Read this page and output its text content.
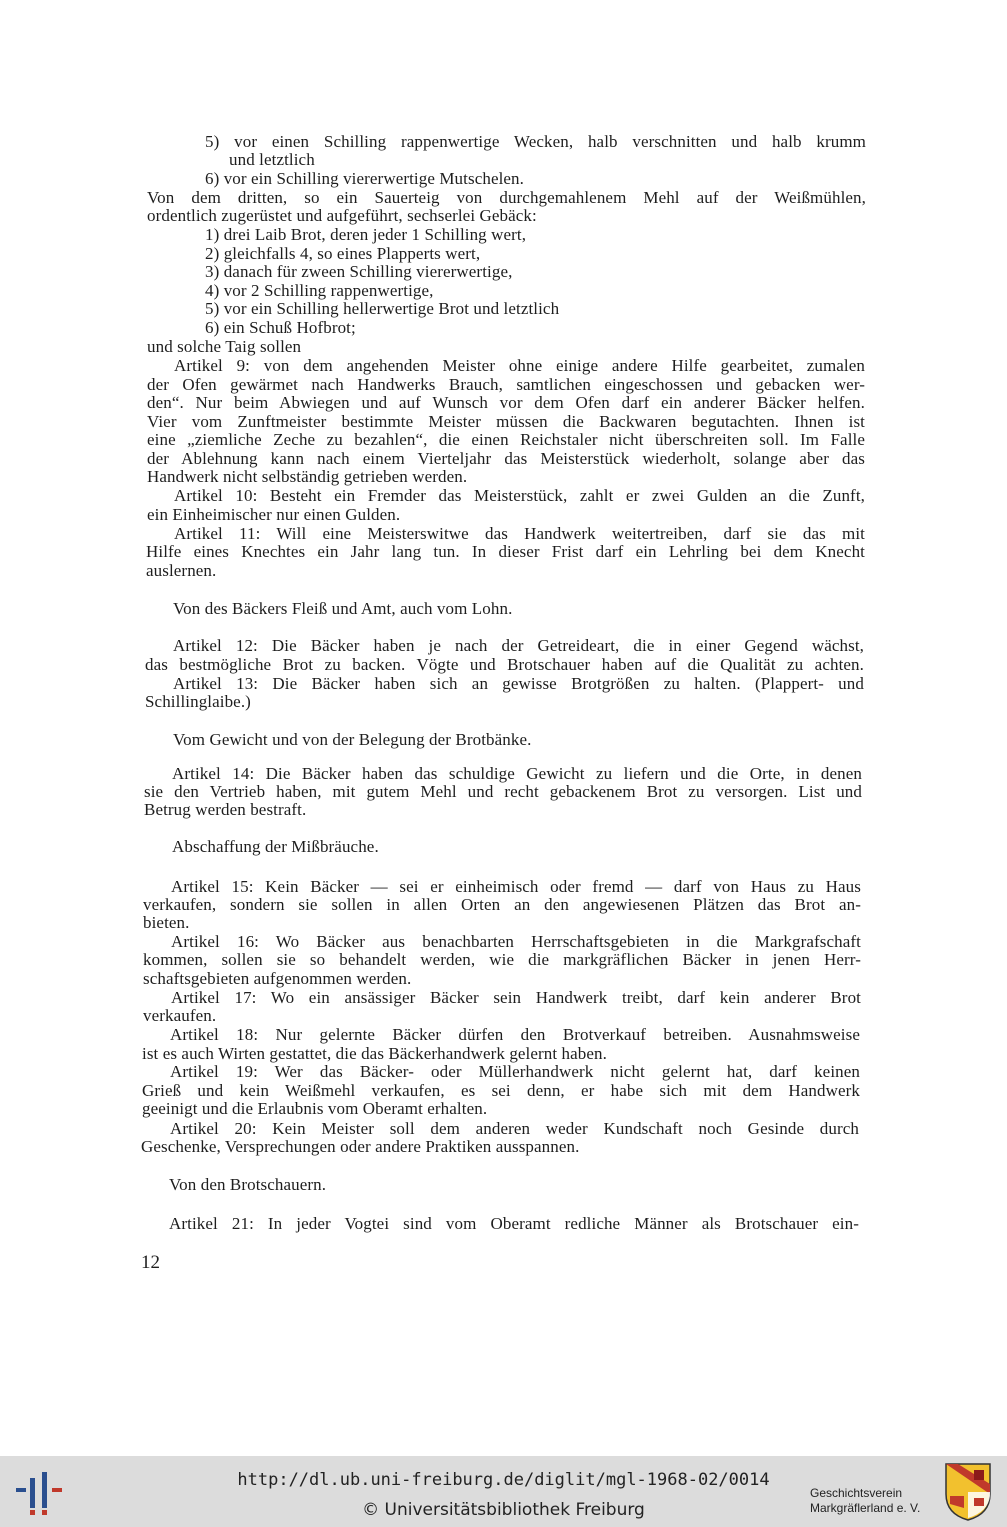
5) vor einen Schilling rappenwertige Wecken, halb verschnitten und halb krumm
und letztlich
6) vor ein Schilling viererwertige Mutschelen.
Von dem dritten, so ein Sauerteig von durchgemahlenem Mehl auf der Weißmühlen,
ordentlich zugerüstet und aufgeführt, sechserlei Gebäck:
1) drei Laib Brot, deren jeder 1 Schilling wert,
2) gleichfalls 4, so eines Plapperts wert,
3) danach für zween Schilling viererwertige,
4) vor 2 Schilling rappenwertige,
5) vor ein Schilling hellerwertige Brot und letztlich
6) ein Schuß Hofbrot;
und solche Taig sollen
Artikel 9: von dem angehenden Meister ohne einige andere Hilfe gearbeitet, zumalen
der Ofen gewärmet nach Handwerks Brauch, samtlichen eingeschossen und gebacken wer-
den“. Nur beim Abwiegen und auf Wunsch vor dem Ofen darf ein anderer Bäcker helfen.
Vier vom Zunftmeister bestimmte Meister müssen die Backwaren begutachten. Ihnen ist
eine „ziemliche Zeche zu bezahlen“, die einen Reichstaler nicht überschreiten soll. Im Falle
der Ablehnung kann nach einem Vierteljahr das Meisterstück wiederholt, solange aber das
Handwerk nicht selbständig getrieben werden.
Artikel 10: Besteht ein Fremder das Meisterstück, zahlt er zwei Gulden an die Zunft,
ein Einheimischer nur einen Gulden.
Artikel 11: Will eine Meisterswitwe das Handwerk weitertreiben, darf sie das mit
Hilfe eines Knechtes ein Jahr lang tun. In dieser Frist darf ein Lehrling bei dem Knecht
auslernen.
Von des Bäckers Fleiß und Amt, auch vom Lohn.
Artikel 12: Die Bäcker haben je nach der Getreideart, die in einer Gegend wächst,
das bestmögliche Brot zu backen. Vögte und Brotschauer haben auf die Qualität zu achten.
Artikel 13: Die Bäcker haben sich an gewisse Brotgrößen zu halten. (Plappert- und
Schillinglaibe.)
Vom Gewicht und von der Belegung der Brotbänke.
Artikel 14: Die Bäcker haben das schuldige Gewicht zu liefern und die Orte, in denen
sie den Vertrieb haben, mit gutem Mehl und recht gebackenem Brot zu versorgen. List und
Betrug werden bestraft.
Abschaffung der Mißbräuche.
Artikel 15: Kein Bäcker — sei er einheimisch oder fremd — darf von Haus zu Haus
verkaufen, sondern sie sollen in allen Orten an den angewiesenen Plätzen das Brot an-
bieten.
Artikel 16: Wo Bäcker aus benachbarten Herrschaftsgebieten in die Markgrafschaft
kommen, sollen sie so behandelt werden, wie die markgräflichen Bäcker in jenen Herr-
schaftsgebieten aufgenommen werden.
Artikel 17: Wo ein ansässiger Bäcker sein Handwerk treibt, darf kein anderer Brot
verkaufen.
Artikel 18: Nur gelernte Bäcker dürfen den Brotverkauf betreiben. Ausnahmsweise
ist es auch Wirten gestattet, die das Bäckerhandwerk gelernt haben.
Artikel 19: Wer das Bäcker- oder Müllerhandwerk nicht gelernt hat, darf keinen
Grieß und kein Weißmehl verkaufen, es sei denn, er habe sich mit dem Handwerk
geeinigt und die Erlaubnis vom Oberamt erhalten.
Artikel 20: Kein Meister soll dem anderen weder Kundschaft noch Gesinde durch
Geschenke, Versprechungen oder andere Praktiken ausspannen.
Von den Brotschauern.
Artikel 21: In jeder Vogtei sind vom Oberamt redliche Männer als Brotschauer ein-
12
http://dl.ub.uni-freiburg.de/diglit/mgl-1968-02/0014
© Universitätsbibliothek Freiburg
Geschichtsverein
Markgräflerland e. V.
